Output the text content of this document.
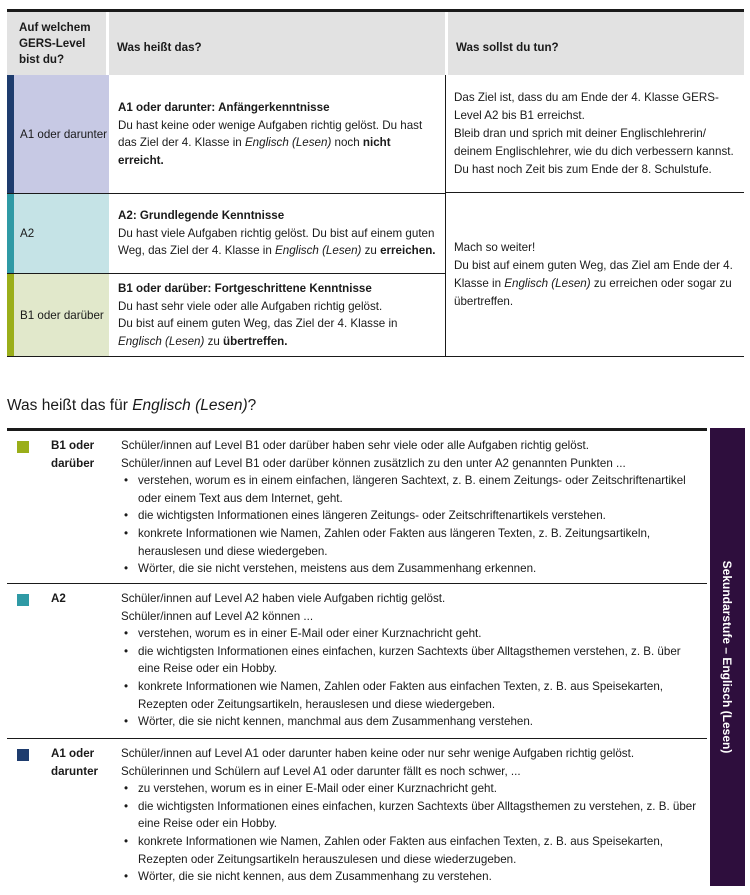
Auf welchem GERS-Level bist du?
Was heißt das?	Was sollst du tun?
A1 oder darunter
A1 oder darunter: Anfängerkenntnisse
Du hast keine oder wenige Aufgaben richtig gelöst. Du hast das Ziel der 4. Klasse in Englisch (Lesen) noch nicht erreicht.
A2
A2: Grundlegende Kenntnisse
Du hast viele Aufgaben richtig gelöst. Du bist auf einem guten Weg, das Ziel der 4. Klasse in Englisch (Lesen) zu erreichen.
B1 oder darüber
B1 oder darüber: Fortgeschrittene Kenntnisse
Du hast sehr viele oder alle Aufgaben richtig gelöst.
Du bist auf einem guten Weg, das Ziel der 4. Klasse in Englisch (Lesen) zu übertreffen.
Das Ziel ist, dass du am Ende der 4. Klasse GERS-Level A2 bis B1 erreichst.
Bleib dran und sprich mit deiner Englischlehrerin/ deinem Englischlehrer, wie du dich verbessern kannst.
Du hast noch Zeit bis zum Ende der 8. Schulstufe.
Mach so weiter!
Du bist auf einem guten Weg, das Ziel am Ende der 4. Klasse in Englisch (Lesen) zu erreichen oder sogar zu übertreffen.
Was heißt das für Englisch (Lesen)?
B1 oder darüber
Schüler/innen auf Level B1 oder darüber haben sehr viele oder alle Aufgaben richtig gelöst.
Schüler/innen auf Level B1 oder darüber können zusätzlich zu den unter A2 genannten Punkten ...
• verstehen, worum es in einem einfachen, längeren Sachtext, z. B. einem Zeitungs- oder Zeitschriftenartikel oder einem Text aus dem Internet, geht.
• die wichtigsten Informationen eines längeren Zeitungs- oder Zeitschriftenartikels verstehen.
• konkrete Informationen wie Namen, Zahlen oder Fakten aus längeren Texten, z. B. Zeitungsartikeln, herauslesen und diese wiedergeben.
• Wörter, die sie nicht verstehen, meistens aus dem Zusammenhang erkennen.
A2	Schüler/innen auf Level A2 haben viele Aufgaben richtig gelöst.
Schüler/innen auf Level A2 können ...
• verstehen, worum es in einer E-Mail oder einer Kurznachricht geht.
• die wichtigsten Informationen eines einfachen, kurzen Sachtexts über Alltagsthemen verstehen, z. B. über eine Reise oder ein Hobby.
• konkrete Informationen wie Namen, Zahlen oder Fakten aus einfachen Texten, z. B. aus Speisekarten, Rezepten oder Zeitungsartikeln, herauslesen und diese wiedergeben.
• Wörter, die sie nicht kennen, manchmal aus dem Zusammenhang verstehen.
A1 oder darunter
Schüler/innen auf Level A1 oder darunter haben keine oder nur sehr wenige Aufgaben richtig gelöst.
Schülerinnen und Schülern auf Level A1 oder darunter fällt es noch schwer, ...
• zu verstehen, worum es in einer E-Mail oder einer Kurznachricht geht.
• die wichtigsten Informationen eines einfachen, kurzen Sachtexts über Alltagsthemen zu verstehen, z. B. über eine Reise oder ein Hobby.
• konkrete Informationen wie Namen, Zahlen oder Fakten aus einfachen Texten, z. B. aus Speisekarten, Rezepten oder Zeitungsartikeln herauszulesen und diese wiederzugeben.
• Wörter, die sie nicht kennen, aus dem Zusammenhang zu verstehen.
Sekundarstufe – Englisch (Lesen)
